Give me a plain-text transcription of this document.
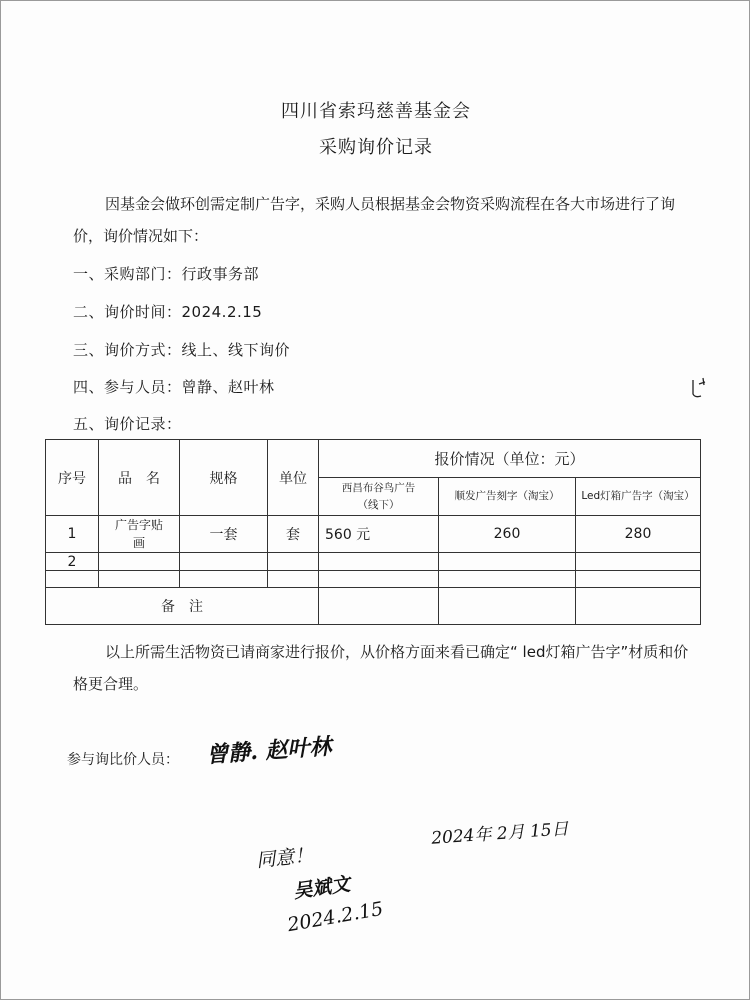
四川省索玛慈善基金会
采购询价记录
因基金会做环创需定制广告字，采购人员根据基金会物资采购流程在各大市场进行了询价，询价情况如下：
一、采购部门：行政事务部
二、询价时间：2024.2.15
三、询价方式：线上、线下询价
四、参与人员：曾静、赵叶林
五、询价记录：
序号	品　名	规格	单位	报价情况（单位：元）		
				西昌布谷鸟广告（线下）	顺发广告刻字（淘宝）	Led灯箱广告字（淘宝）
1	广告字贴画	一套	套	560 元	260	280
2						

备　注						
以上所需生活物资已请商家进行报价，从价格方面来看已确定“ led灯箱广告字”材质和价格更合理。
参与询比价人员： 曾静. 赵叶林
2024年 2月 15日
同意！
吴斌文
2024.2.15
